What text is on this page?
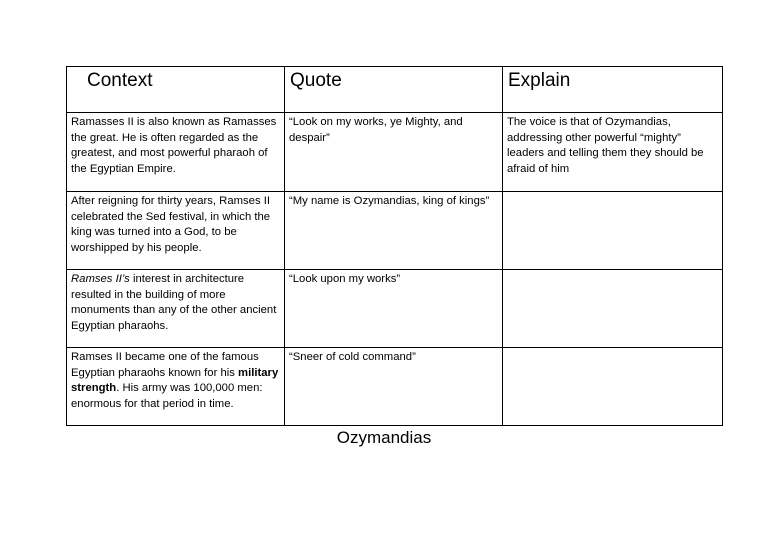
Context	Quote	Explain
Ramasses II is also known as Ramasses the great. He is often regarded as the greatest, and most powerful pharaoh of the Egyptian Empire.	“Look on my works, ye Mighty, and despair”	The voice is that of Ozymandias, addressing other powerful “mighty” leaders and telling them they should be afraid of him
After reigning for thirty years, Ramses II celebrated the Sed festival, in which the king was turned into a God, to be worshipped by his people.	“My name is Ozymandias, king of kings”	
Ramses II’s interest in architecture resulted in the building of more monuments than any of the other ancient Egyptian pharaohs.	“Look upon my works”	
Ramses II became one of the famous Egyptian pharaohs known for his military strength. His army was 100,000 men: enormous for that period in time.	“Sneer of cold command”	
Ozymandias
